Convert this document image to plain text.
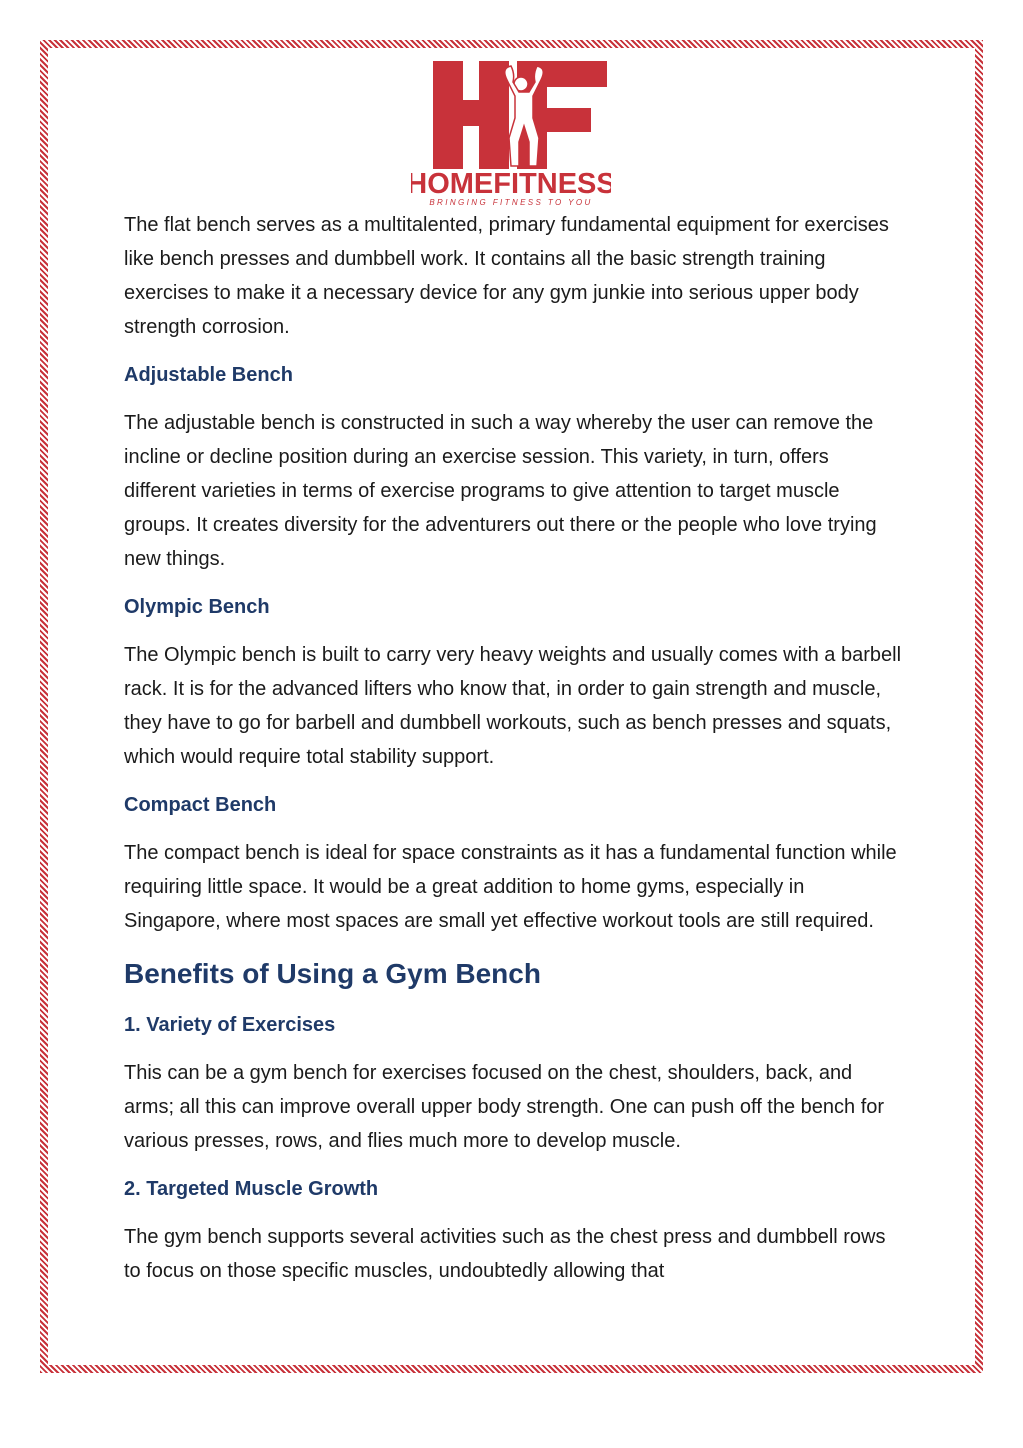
HOMEFITNESS
BRINGING FITNESS TO YOU

The flat bench serves as a multitalented, primary fundamental equipment for exercises like bench presses and dumbbell work. It contains all the basic strength training exercises to make it a necessary device for any gym junkie into serious upper body strength corrosion.

Adjustable Bench

The adjustable bench is constructed in such a way whereby the user can remove the incline or decline position during an exercise session. This variety, in turn, offers different varieties in terms of exercise programs to give attention to target muscle groups. It creates diversity for the adventurers out there or the people who love trying new things.

Olympic Bench

The Olympic bench is built to carry very heavy weights and usually comes with a barbell rack. It is for the advanced lifters who know that, in order to gain strength and muscle, they have to go for barbell and dumbbell workouts, such as bench presses and squats, which would require total stability support.

Compact Bench

The compact bench is ideal for space constraints as it has a fundamental function while requiring little space. It would be a great addition to home gyms, especially in Singapore, where most spaces are small yet effective workout tools are still required.

Benefits of Using a Gym Bench
1. Variety of Exercises

This can be a gym bench for exercises focused on the chest, shoulders, back, and arms; all this can improve overall upper body strength. One can push off the bench for various presses, rows, and flies much more to develop muscle.

2. Targeted Muscle Growth

The gym bench supports several activities such as the chest press and dumbbell rows to focus on those specific muscles, undoubtedly allowing that
